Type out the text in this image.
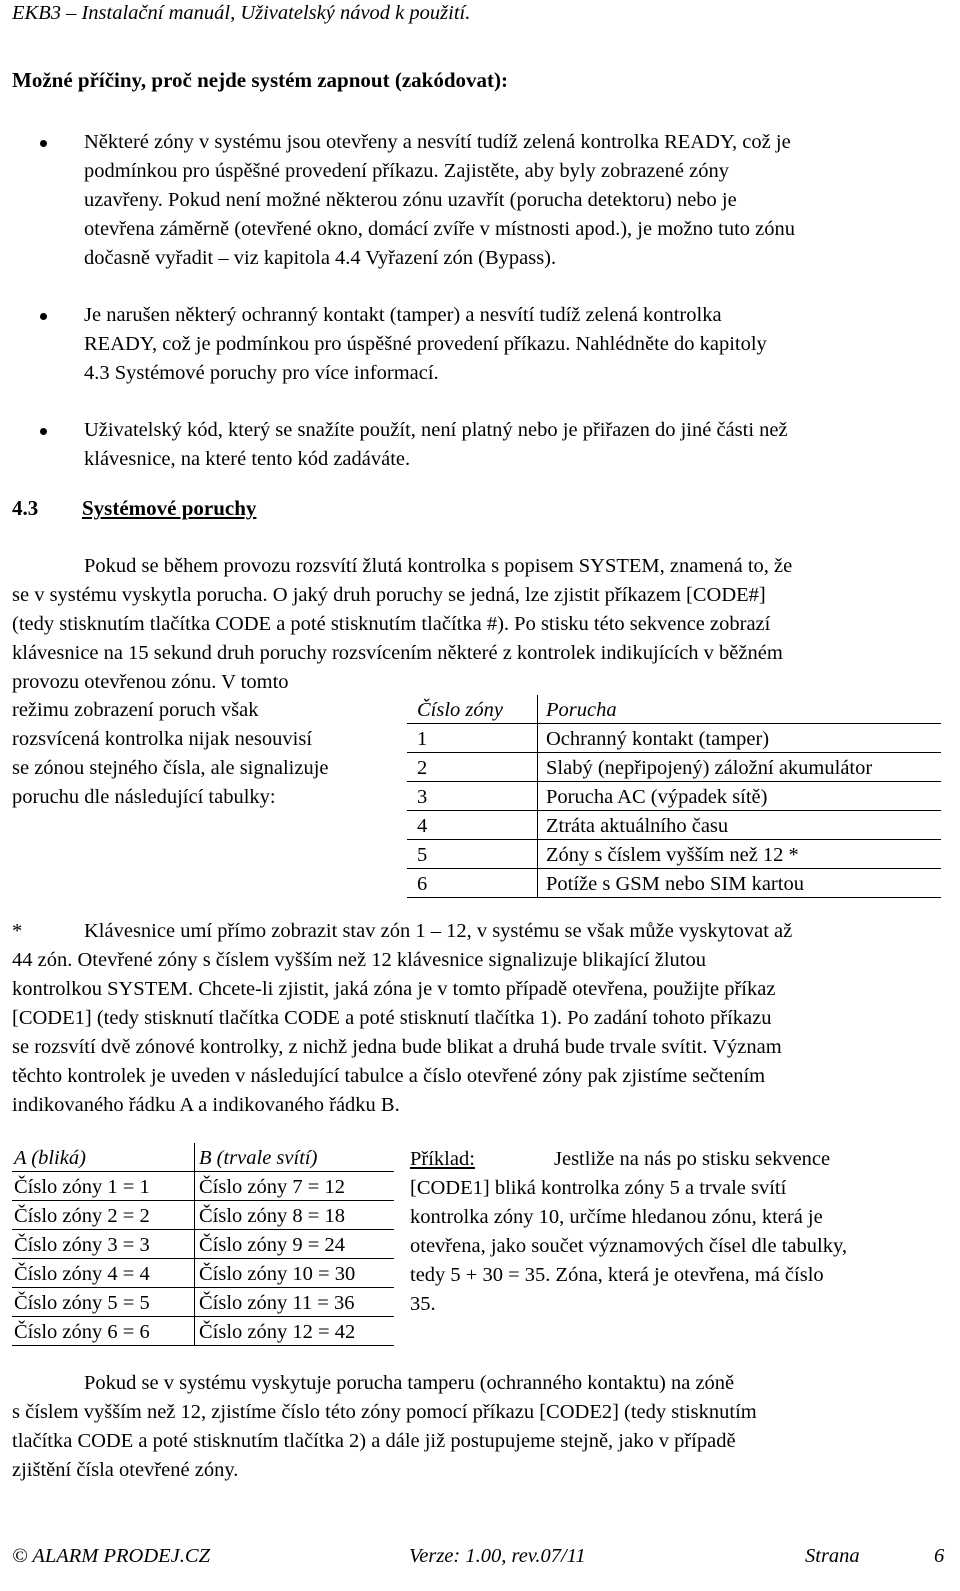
EKB3 – Instalační manuál, Uživatelský návod k použití.
Možné příčiny, proč nejde systém zapnout (zakódovat):
Některé zóny v systému jsou otevřeny a nesvítí tudíž zelená kontrolka READY, což je
podmínkou pro úspěšné provedení příkazu. Zajistěte, aby byly zobrazené zóny
uzavřeny. Pokud není možné některou zónu uzavřít (porucha detektoru) nebo je
otevřena záměrně (otevřené okno, domácí zvíře v místnosti apod.), je možno tuto zónu
dočasně vyřadit – viz kapitola 4.4 Vyřazení zón (Bypass).
Je narušen některý ochranný kontakt (tamper) a nesvítí tudíž zelená kontrolka
READY, což je podmínkou pro úspěšné provedení příkazu. Nahlédněte do kapitoly
4.3 Systémové poruchy pro více informací.
Uživatelský kód, který se snažíte použít, není platný nebo je přiřazen do jiné části než
klávesnice, na které tento kód zadáváte.
4.3 Systémové poruchy
Pokud se během provozu rozsvítí žlutá kontrolka s popisem SYSTEM, znamená to, že
se v systému vyskytla porucha. O jaký druh poruchy se jedná, lze zjistit příkazem [CODE#]
(tedy stisknutím tlačítka CODE a poté stisknutím tlačítka #). Po stisku této sekvence zobrazí
klávesnice na 15 sekund druh poruchy rozsvícením některé z kontrolek indikujících v běžném
provozu otevřenou zónu. V tomto
režimu zobrazení poruch však
rozsvícená kontrolka nijak nesouvisí
se zónou stejného čísla, ale signalizuje
poruchu dle následující tabulky:
Číslo zóny	Porucha
1	Ochranný kontakt (tamper)
2	Slabý (nepřipojený) záložní akumulátor
3	Porucha AC (výpadek sítě)
4	Ztráta aktuálního času
5	Zóny s číslem vyšším než 12 *
6	Potíže s GSM nebo SIM kartou
*	Klávesnice umí přímo zobrazit stav zón 1 – 12, v systému se však může vyskytovat až
44 zón. Otevřené zóny s číslem vyšším než 12 klávesnice signalizuje blikající žlutou
kontrolkou SYSTEM. Chcete-li zjistit, jaká zóna je v tomto případě otevřena, použijte příkaz
[CODE1] (tedy stisknutí tlačítka CODE a poté stisknutí tlačítka 1). Po zadání tohoto příkazu
se rozsvítí dvě zónové kontrolky, z nichž jedna bude blikat a druhá bude trvale svítit. Význam
těchto kontrolek je uveden v následující tabulce a číslo otevřené zóny pak zjistíme sečtením
indikovaného řádku A a indikovaného řádku B.
A (bliká)	B (trvale svítí)
Číslo zóny 1 = 1	Číslo zóny 7 = 12
Číslo zóny 2 = 2	Číslo zóny 8 = 18
Číslo zóny 3 = 3	Číslo zóny 9 = 24
Číslo zóny 4 = 4	Číslo zóny 10 = 30
Číslo zóny 5 = 5	Číslo zóny 11 = 36
Číslo zóny 6 = 6	Číslo zóny 12 = 42
Příklad:	Jestliže na nás po stisku sekvence
[CODE1] bliká kontrolka zóny 5 a trvale svítí
kontrolka zóny 10, určíme hledanou zónu, která je
otevřena, jako součet významových čísel dle tabulky,
tedy 5 + 30 = 35. Zóna, která je otevřena, má číslo
35.
Pokud se v systému vyskytuje porucha tamperu (ochranného kontaktu) na zóně
s číslem vyšším než 12, zjistíme číslo této zóny pomocí příkazu [CODE2] (tedy stisknutím
tlačítka CODE a poté stisknutím tlačítka 2) a dále již postupujeme stejně, jako v případě
zjištění čísla otevřené zóny.
© ALARM PRODEJ.CZ	Verze: 1.00, rev.07/11	Strana	6
